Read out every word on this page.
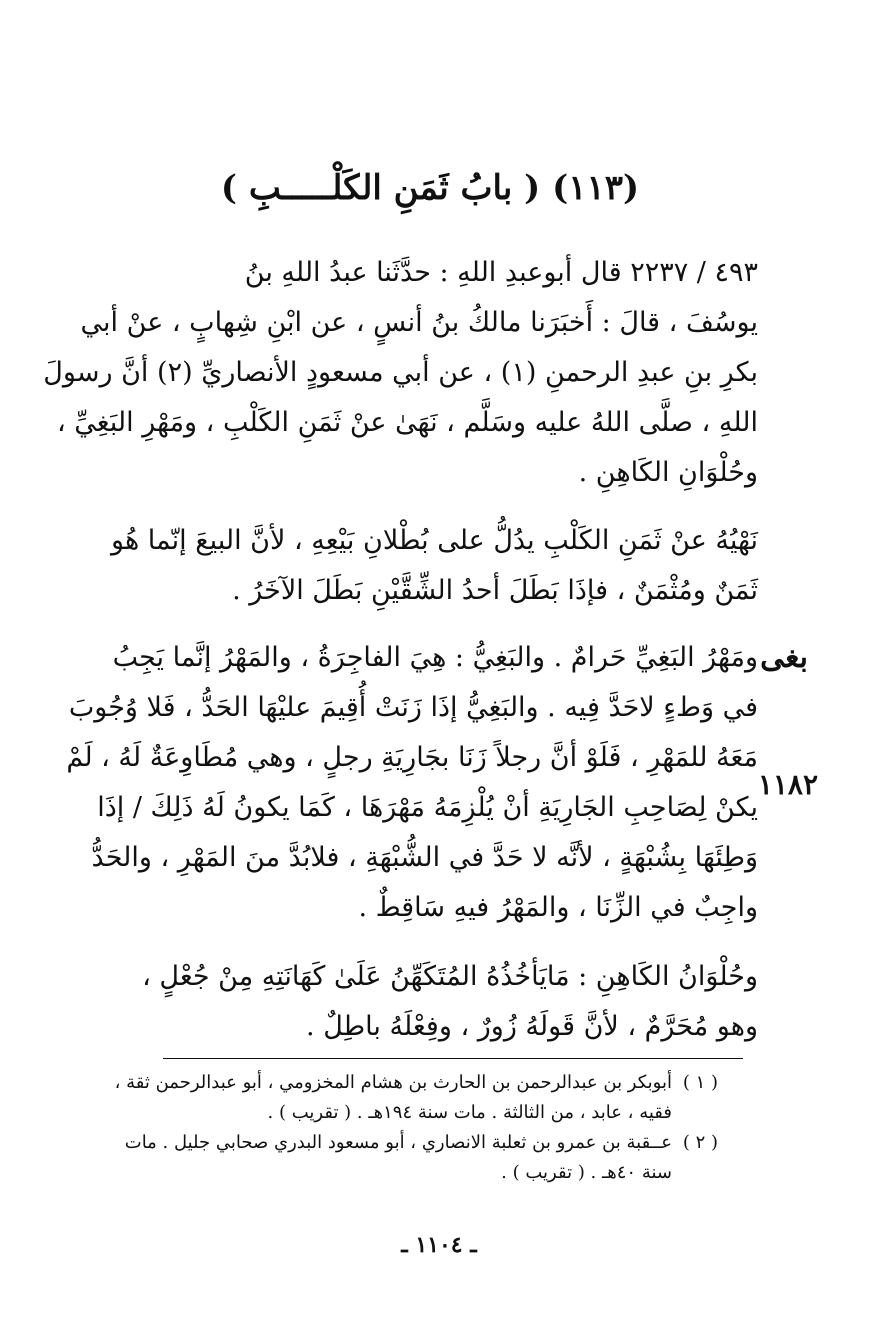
(١١٣) ( بابُ ثَمَنِ الكَلْـــــبِ )
٤٩٣ / ٢٢٣٧ قال أبوعبدِ اللهِ : حدَّثَنا عبدُ اللهِ بنُ
يوسُفَ ، قالَ : أَخبَرَنا مالكُ بنُ أنسٍ ، عن ابْنِ شِهابٍ ، عنْ أبي
بكرِ بنِ عبدِ الرحمنِ (١) ، عن أبي مسعودٍ الأنصاريِّ (٢) أنَّ رسولَ
اللهِ ، صلَّى اللهُ عليه وسَلَّم ، نَهَىٰ عنْ ثَمَنِ الكَلْبِ ، ومَهْرِ البَغِيِّ ،
وحُلْوَانِ الكَاهِنِ .
نَهْيُهُ عنْ ثَمَنِ الكَلْبِ يدُلُّ على بُطْلانِ بَيْعِهِ ، لأنَّ البيعَ إنّما هُو
ثَمَنٌ ومُثْمَنٌ ، فإذَا بَطَلَ أحدُ الشِّقَّيْنِ بَطَلَ الآخَرُ .
بغى
١١٨٢
ومَهْرُ البَغِيِّ حَرامٌ . والبَغِيُّ : هِيَ الفاجِرَةُ ، والمَهْرُ إنَّما يَجِبُ
في وَطءٍ لاحَدَّ فِيه . والبَغِيُّ إذَا زَنَتْ أُقِيمَ عليْهَا الحَدُّ ، فَلا وُجُوبَ
مَعَهُ للمَهْرِ ، فَلَوْ أنَّ رجلاً زَنَا بجَارِيَةِ رجلٍ ، وهي مُطَاوِعَةٌ لَهُ ، لَمْ
يكنْ لِصَاحِبِ الجَارِيَةِ أنْ يُلْزِمَهُ مَهْرَهَا ، كَمَا يكونُ لَهُ ذَلِكَ / إذَا
وَطِئَهَا بِشُبْهَةٍ ، لأنَّه لا حَدَّ في الشُّبْهَةِ ، فلابُدَّ منَ المَهْرِ ، والحَدُّ
واجِبٌ في الزِّنَا ، والمَهْرُ فيهِ سَاقِطٌ .
وحُلْوَانُ الكَاهِنِ : مَايَأخُذُهُ المُتَكَهِّنُ عَلَىٰ كَهَانَتِهِ مِنْ جُعْلٍ ،
وهو مُحَرَّمٌ ، لأنَّ قَولَهُ زُورٌ ، وفِعْلَهُ باطِلٌ .
( ١ )أبوبكر بن عبدالرحمن بن الحارث بن هشام المخزومي ، أبو عبدالرحمن ثقة ،
فقيه ، عابد ، من الثالثة . مات سنة ١٩٤هـ . ( تقريب ) .
( ٢ )عــقبة بن عمرو بن ثعلبة الانصاري ، أبو مسعود البدري صحابي جليل . مات
سنة ٤٠هـ . ( تقريب ) .
ـ ١١٠٤ ـ
